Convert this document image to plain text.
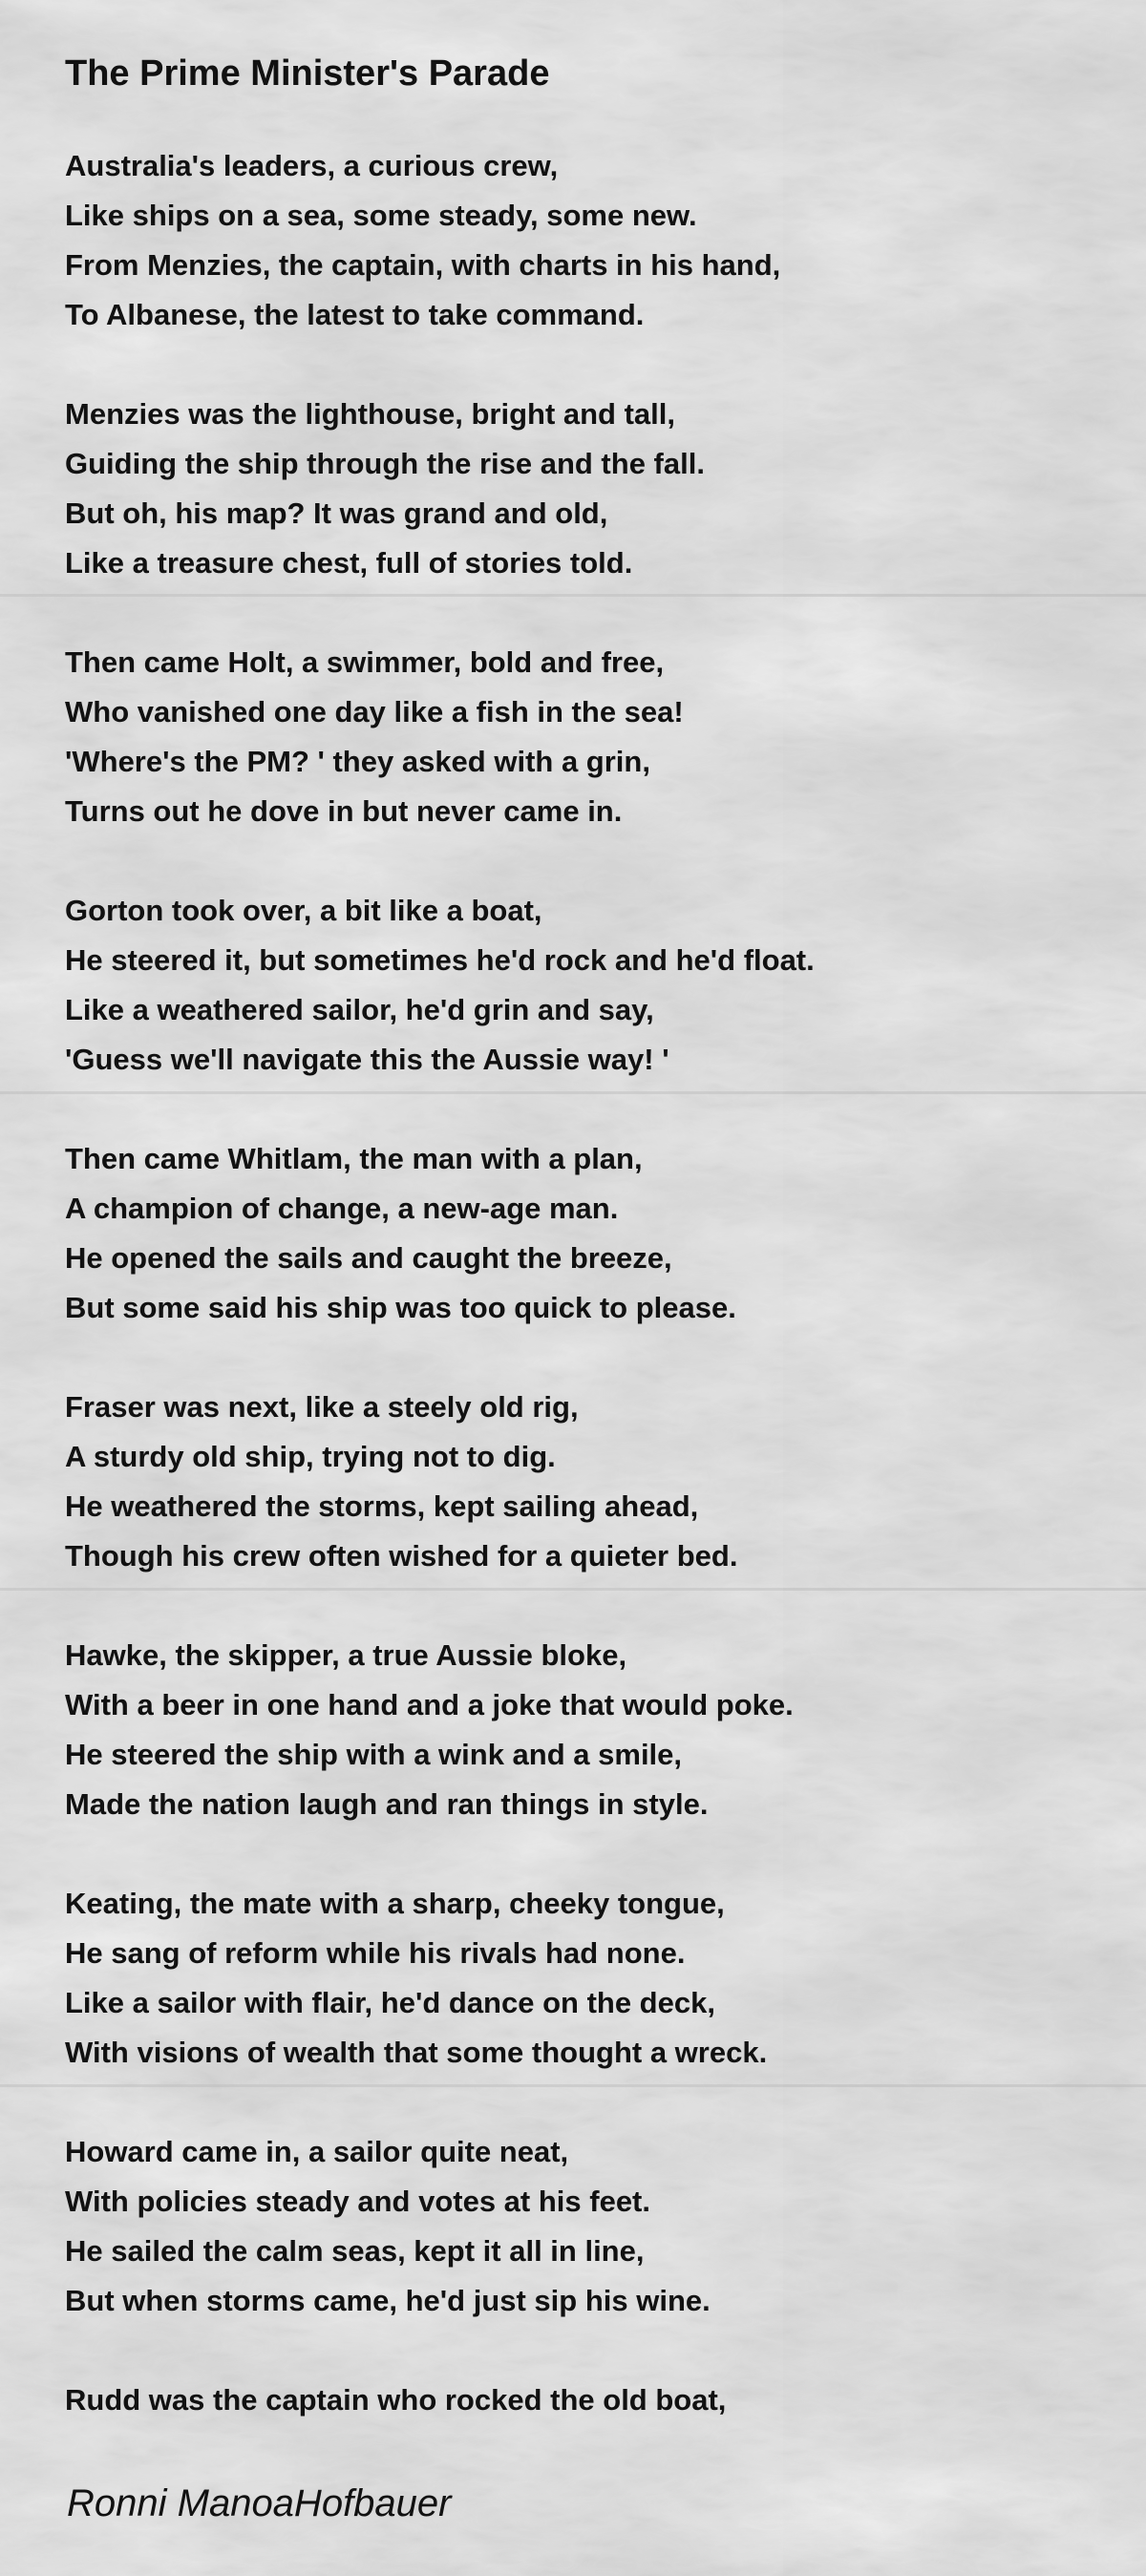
The Prime Minister's Parade
Australia's leaders, a curious crew,
Like ships on a sea, some steady, some new.
From Menzies, the captain, with charts in his hand,
To Albanese, the latest to take command.
Menzies was the lighthouse, bright and tall,
Guiding the ship through the rise and the fall.
But oh, his map? It was grand and old,
Like a treasure chest, full of stories told.
Then came Holt, a swimmer, bold and free,
Who vanished one day like a fish in the sea!
'Where's the PM? ' they asked with a grin,
Turns out he dove in but never came in.
Gorton took over, a bit like a boat,
He steered it, but sometimes he'd rock and he'd float.
Like a weathered sailor, he'd grin and say,
'Guess we'll navigate this the Aussie way! '
Then came Whitlam, the man with a plan,
A champion of change, a new-age man.
He opened the sails and caught the breeze,
But some said his ship was too quick to please.
Fraser was next, like a steely old rig,
A sturdy old ship, trying not to dig.
He weathered the storms, kept sailing ahead,
Though his crew often wished for a quieter bed.
Hawke, the skipper, a true Aussie bloke,
With a beer in one hand and a joke that would poke.
He steered the ship with a wink and a smile,
Made the nation laugh and ran things in style.
Keating, the mate with a sharp, cheeky tongue,
He sang of reform while his rivals had none.
Like a sailor with flair, he'd dance on the deck,
With visions of wealth that some thought a wreck.
Howard came in, a sailor quite neat,
With policies steady and votes at his feet.
He sailed the calm seas, kept it all in line,
But when storms came, he'd just sip his wine.
Rudd was the captain who rocked the old boat,
Ronni ManoaHofbauer
